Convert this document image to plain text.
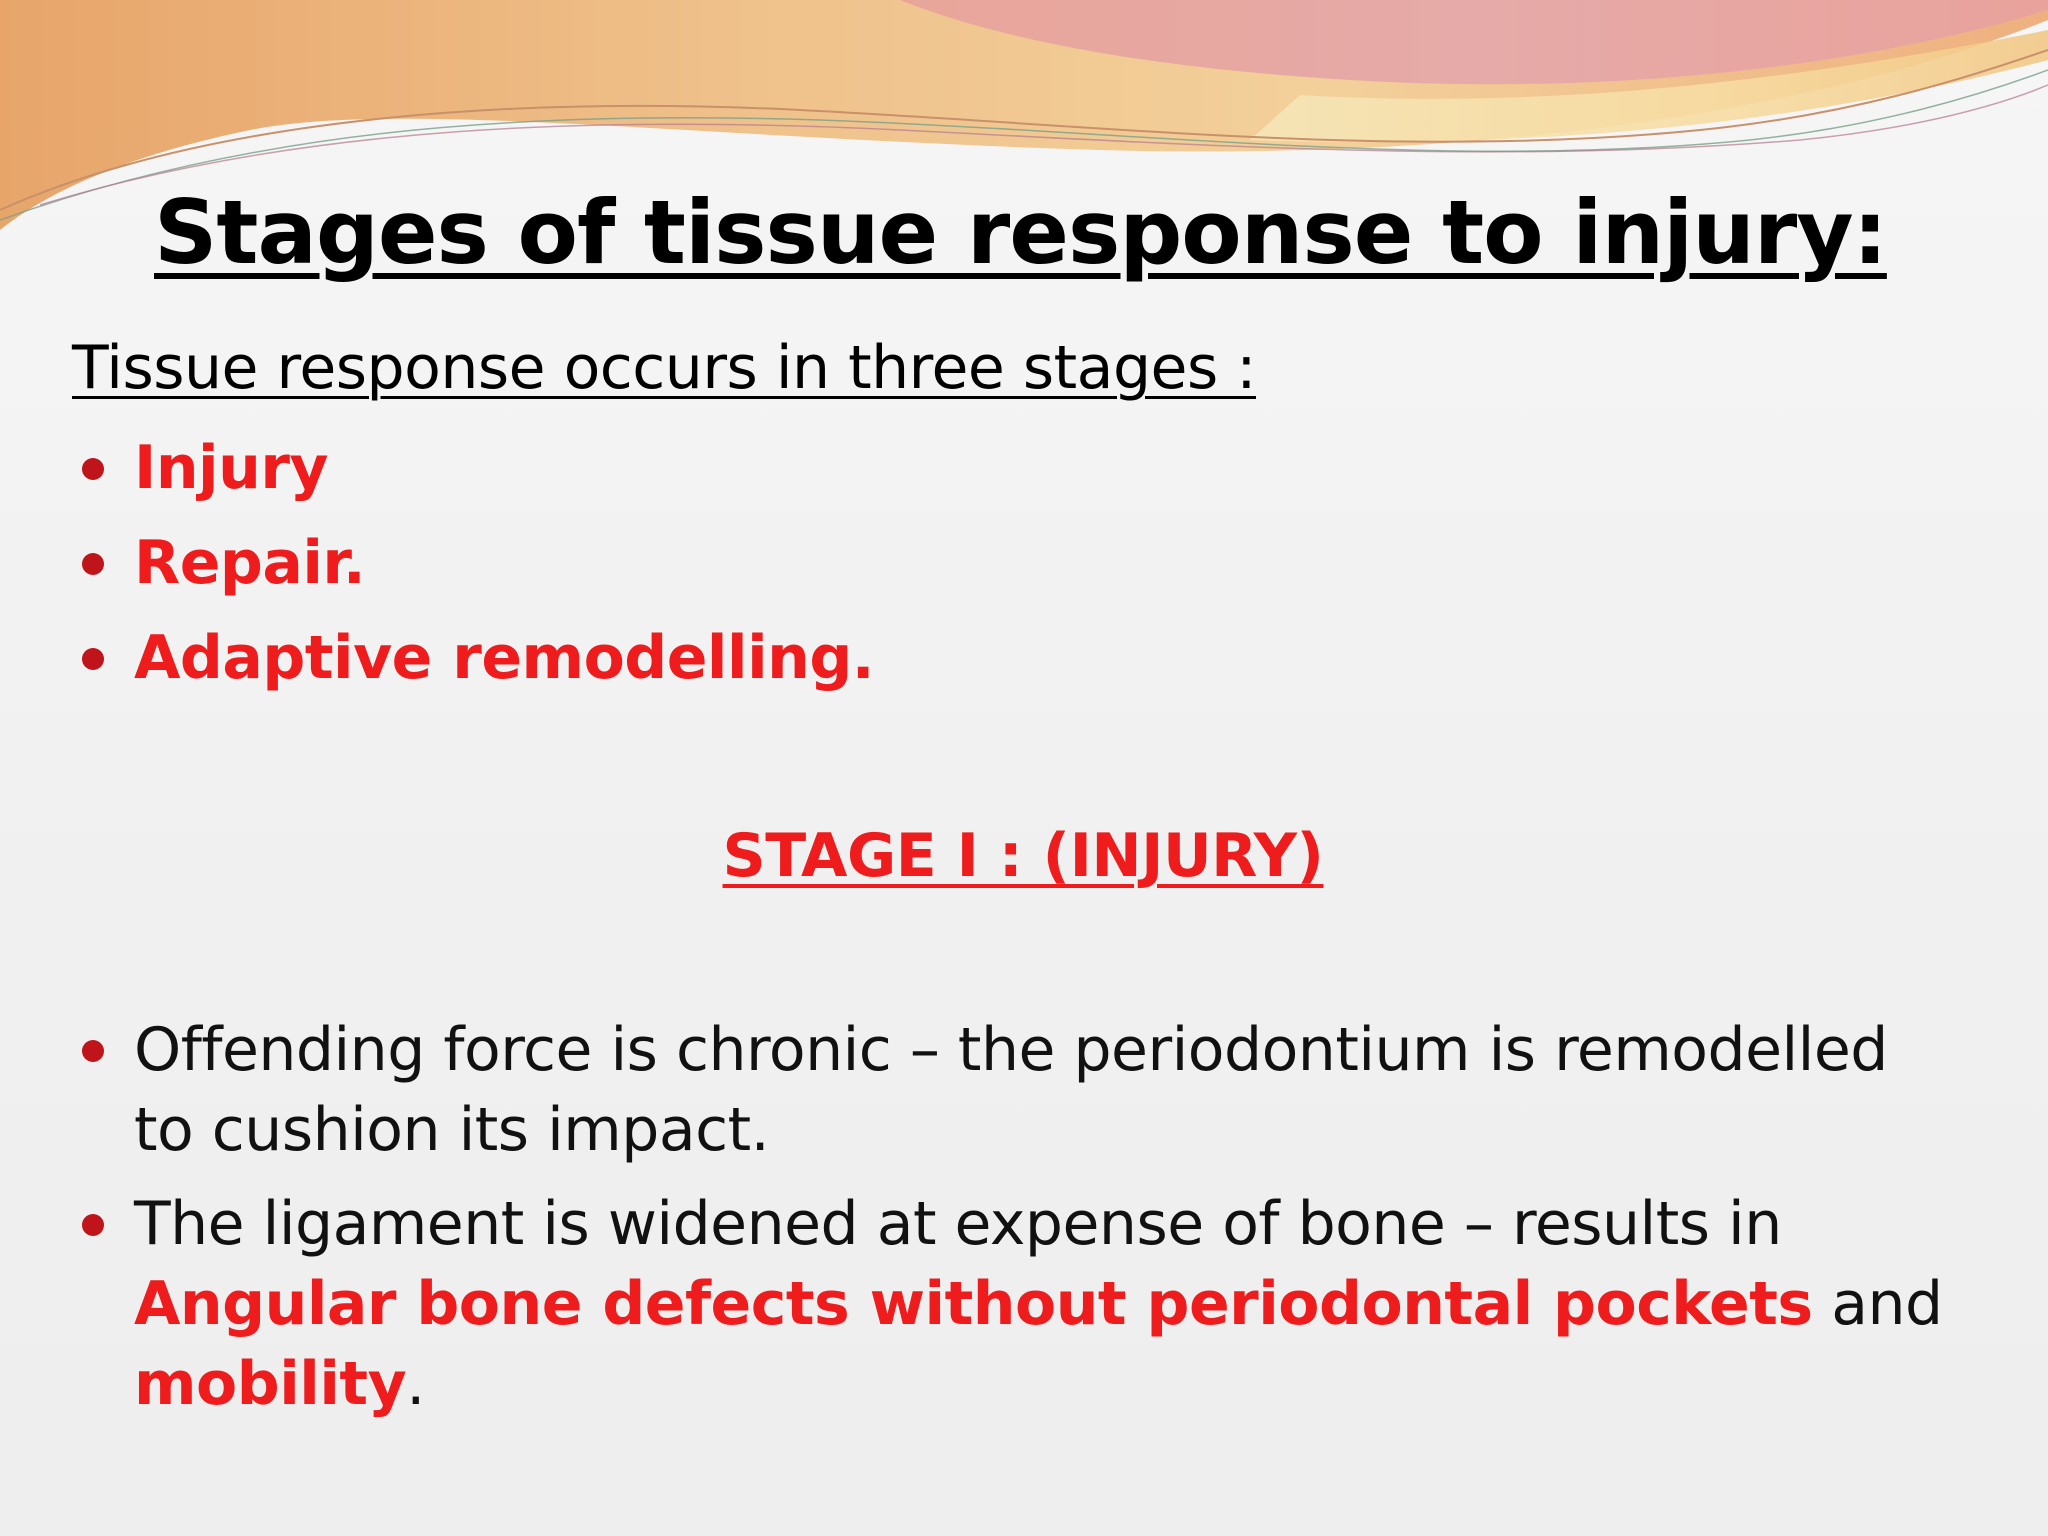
Stages of tissue response to injury:

Tissue response occurs in three stages :

Injury
Repair.
Adaptive remodelling.

STAGE I : (INJURY)

Offending force is chronic – the periodontium is remodelled to cushion its impact.
The ligament is widened at expense of bone – results in Angular bone defects without periodontal pockets and mobility.
